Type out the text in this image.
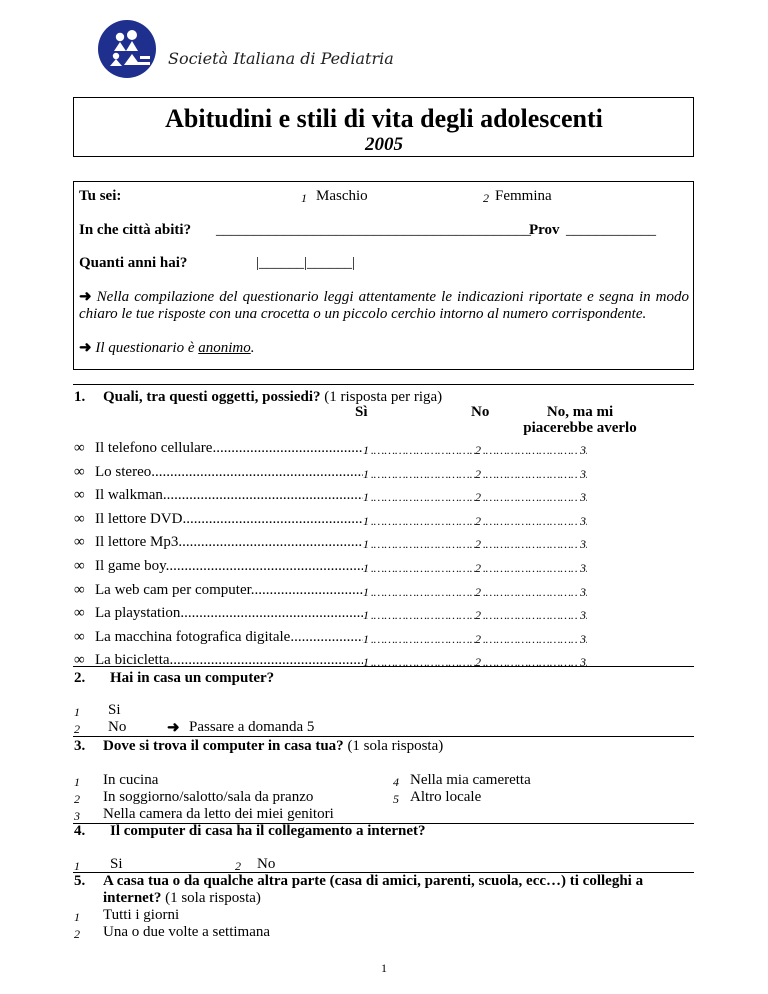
Società Italiana di Pediatria
Abitudini e stili di vita degli adolescenti
2005
Tu sei:	1 Maschio	2 Femmina
In che città abiti? __________________________________________
Prov ____________
Quanti anni hai?	|______|______|
➜ Nella compilazione del questionario leggi attentamente le indicazioni riportate e segna in modo chiaro le tue risposte con una crocetta o un piccolo cerchio intorno al numero corrispondente.
➜ Il questionario è anonimo.
1. Quali, tra questi oggetti, possiedi? (1 risposta per riga)
Sì	No	No, ma mi
piacerebbe averlo
∞ Il telefono cellulare ..... …………………………………………………………	1 …………………………………………………………	2	3
∞ Lo stereo ..... …………………………………………………………	1 …………………………………………………………	2	3
∞ Il walkman ..... …………………………………………………………	1 …………………………………………………………	2	3
∞ Il lettore DVD ..... …………………………………………………………	1 …………………………………………………………	2	3
∞ Il lettore Mp3 ..... …………………………………………………………	1 …………………………………………………………	2	3
∞ Il game boy ..... …………………………………………………………	1 …………………………………………………………	2	3
∞ La web cam per computer ..... …………………………………………………………	1 …………………………………………………………	2	3
∞ La playstation ..... …………………………………………………………	1 …………………………………………………………	2	3
∞ La macchina fotografica digitale ..... …………………………………………………………	1 …………………………………………………………	2	3
∞ La bicicletta ..... …………………………………………………………	1 …………………………………………………………	2	3
2. Hai in casa un computer?
1 Si
2 No	➜ Passare a domanda 5
3. Dove si trova il computer in casa tua? (1 sola risposta)
1 In cucina
2 In soggiorno/salotto/sala da pranzo
3 Nella camera da letto dei miei genitori
4 Nella mia cameretta
5 Altro locale
4. Il computer di casa ha il collegamento a internet?
1 Si	2 No
5. A casa tua o da qualche altra parte (casa di amici, parenti, scuola, ecc…) ti colleghi a
internet? (1 sola risposta)
1 Tutti i giorni
2 Una o due volte a settimana
1
